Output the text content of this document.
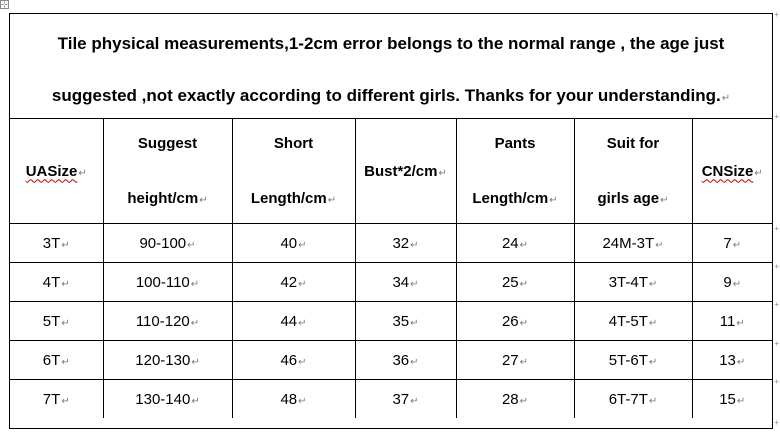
⊹
Tile physical measurements,1-2cm error belongs to the normal range , the age just
suggested ,not exactly according to different girls. Thanks for your understanding.↵
UASize↵	Suggest
height/cm↵	Short
Length/cm↵	Bust*2/cm↵	Pants
Length/cm↵	Suit for
girls age↵	CNSize↵
3T↵	90-100↵	40↵	32↵	24↵	24M-3T↵	7↵
4T↵	100-110↵	42↵	34↵	25↵	3T-4T↵	9↵
5T↵	110-120↵	44↵	35↵	26↵	4T-5T↵	11↵
6T↵	120-130↵	46↵	36↵	27↵	5T-6T↵	13↵
7T↵	130-140↵	48↵	37↵	28↵	6T-7T↵	15↵
+
+
+
+
+
+
+
+
